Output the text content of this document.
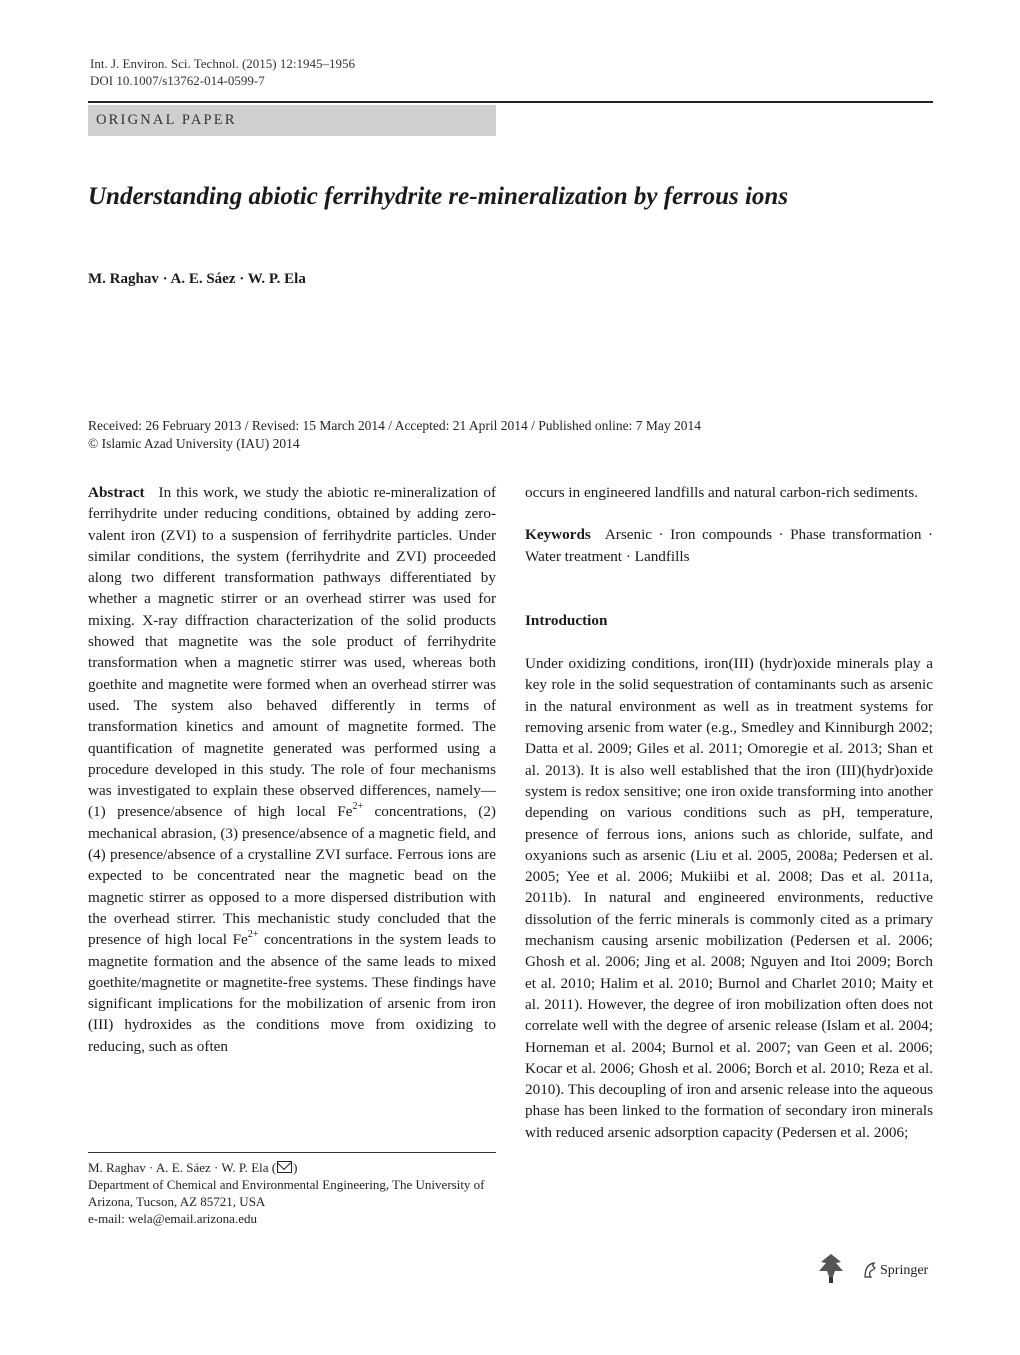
Int. J. Environ. Sci. Technol. (2015) 12:1945–1956
DOI 10.1007/s13762-014-0599-7
ORIGNAL PAPER
Understanding abiotic ferrihydrite re-mineralization by ferrous ions
M. Raghav · A. E. Sáez · W. P. Ela
Received: 26 February 2013 / Revised: 15 March 2014 / Accepted: 21 April 2014 / Published online: 7 May 2014
© Islamic Azad University (IAU) 2014

Abstract In this work, we study the abiotic re-mineralization of ferrihydrite under reducing conditions, obtained by adding zero-valent iron (ZVI) to a suspension of ferrihydrite particles. Under similar conditions, the system (ferrihydrite and ZVI) proceeded along two different transformation pathways differentiated by whether a magnetic stirrer or an overhead stirrer was used for mixing. X-ray diffraction characterization of the solid products showed that magnetite was the sole product of ferrihydrite transformation when a magnetic stirrer was used, whereas both goethite and magnetite were formed when an overhead stirrer was used. The system also behaved differently in terms of transformation kinetics and amount of magnetite formed. The quantification of magnetite generated was performed using a procedure developed in this study. The role of four mechanisms was investigated to explain these observed differences, namely—(1) presence/absence of high local $Fe^{2+}$ concentrations, (2) mechanical abrasion, (3) presence/absence of a magnetic field, and (4) presence/absence of a crystalline ZVI surface. Ferrous ions are expected to be concentrated near the magnetic bead on the magnetic stirrer as opposed to a more dispersed distribution with the overhead stirrer. This mechanistic study concluded that the presence of high local $Fe^{2+}$ concentrations in the system leads to magnetite formation and the absence of the same leads to mixed goethite/magnetite or magnetite-free systems. These findings have significant implications for the mobilization of arsenic from iron (III) hydroxides as the conditions move from oxidizing to reducing, such as often

occurs in engineered landfills and natural carbon-rich sediments.

Keywords Arsenic · Iron compounds · Phase transformation · Water treatment · Landfills

Introduction

Under oxidizing conditions, iron(III) (hydr)oxide minerals play a key role in the solid sequestration of contaminants such as arsenic in the natural environment as well as in treatment systems for removing arsenic from water (e.g., Smedley and Kinniburgh 2002; Datta et al. 2009; Giles et al. 2011; Omoregie et al. 2013; Shan et al. 2013). It is also well established that the iron (III)(hydr)oxide system is redox sensitive; one iron oxide transforming into another depending on various conditions such as pH, temperature, presence of ferrous ions, anions such as chloride, sulfate, and oxyanions such as arsenic (Liu et al. 2005, 2008a; Pedersen et al. 2005; Yee et al. 2006; Mukiibi et al. 2008; Das et al. 2011a, 2011b). In natural and engineered environments, reductive dissolution of the ferric minerals is commonly cited as a primary mechanism causing arsenic mobilization (Pedersen et al. 2006; Ghosh et al. 2006; Jing et al. 2008; Nguyen and Itoi 2009; Borch et al. 2010; Halim et al. 2010; Burnol and Charlet 2010; Maity et al. 2011). However, the degree of iron mobilization often does not correlate well with the degree of arsenic release (Islam et al. 2004; Horneman et al. 2004; Burnol et al. 2007; van Geen et al. 2006; Kocar et al. 2006; Ghosh et al. 2006; Borch et al. 2010; Reza et al. 2010). This decoupling of iron and arsenic release into the aqueous phase has been linked to the formation of secondary iron minerals with reduced arsenic adsorption capacity (Pedersen et al. 2006;

M. Raghav · A. E. Sáez · W. P. Ela ( )
Department of Chemical and Environmental Engineering, The University of Arizona, Tucson, AZ 85721, USA
e-mail: wela@email.arizona.edu
Springer
